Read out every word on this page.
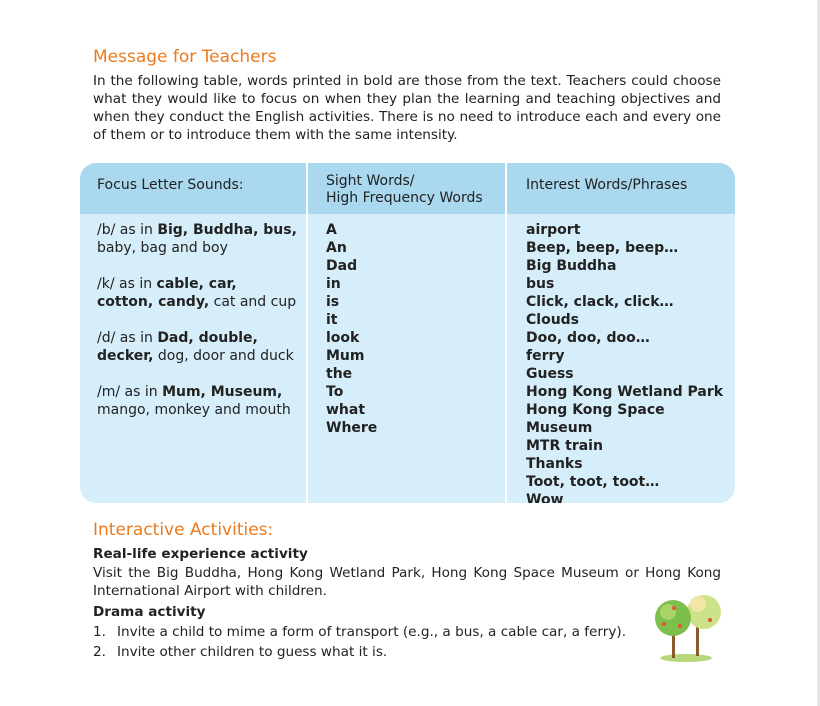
Message for Teachers

In the following table, words printed in bold are those from the text. Teachers could choose what they would like to focus on when they plan the learning and teaching objectives and when they conduct the English activities. There is no need to introduce each and every one of them or to introduce them with the same intensity.

Focus Letter Sounds:	Sight Words/
High Frequency Words
Interest Words/Phrases

/b/ as in Big, Buddha, bus,
baby, bag and boy

/k/ as in cable, car,
cotton, candy, cat and cup

/d/ as in Dad, double,
decker, dog, door and duck

/m/ as in Mum, Museum,
mango, monkey and mouth

A
An
Dad
in
is
it
look
Mum
the
To
what
Where
airport
Beep, beep, beep…
Big Buddha
bus
Click, clack, click…
Clouds
Doo, doo, doo…
ferry
Guess
Hong Kong Wetland Park
Hong Kong Space Museum
MTR train
Thanks
Toot, toot, toot…
Wow
Interactive Activities:
Real-life experience activity
Visit the Big Buddha, Hong Kong Wetland Park, Hong Kong Space Museum or Hong Kong International Airport with children.
Drama activity
1. Invite a child to mime a form of transport (e.g., a bus, a cable car, a ferry).
2. Invite other children to guess what it is.
